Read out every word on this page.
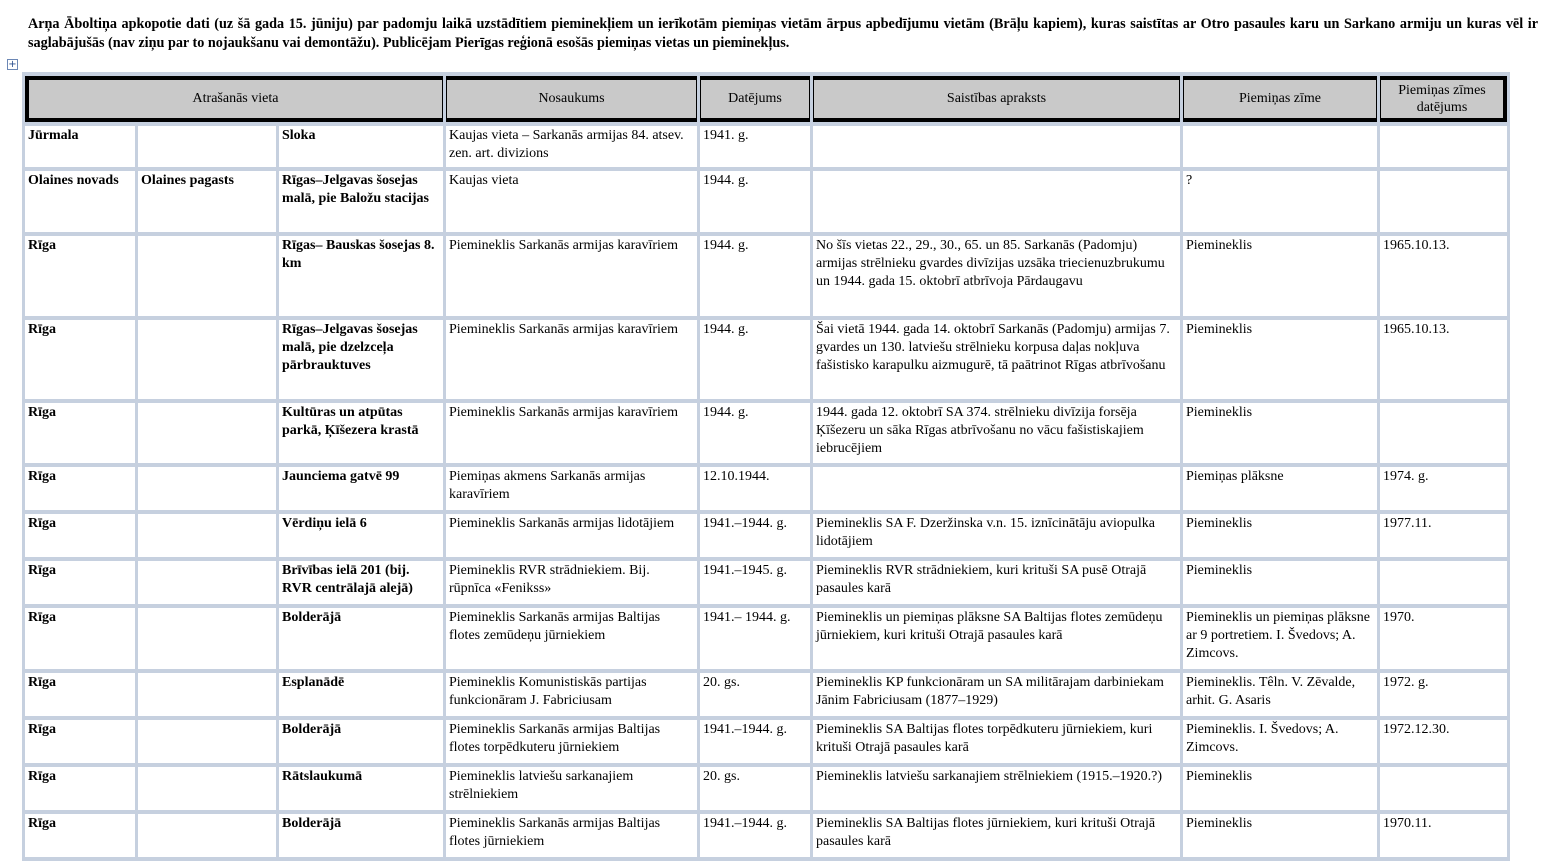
Arņa Āboltiņa apkopotie dati (uz šā gada 15. jūniju) par padomju laikā uzstādītiem pieminekļiem un ierīkotām piemiņas vietām ārpus apbedījumu vietām (Brāļu kapiem), kuras saistītas ar Otro pasaules karu un Sarkano armiju un kuras vēl ir saglabājušās (nav ziņu par to nojaukšanu vai demontāžu). Publicējam Pierīgas reģionā esošās piemiņas vietas un pieminekļus.

+
Atrašanās vieta			Nosaukums	Datējums	Saistības apraksts	Piemiņas zīme	Piemiņas zīmes datējums
Jūrmala		Sloka	Kaujas vieta – Sarkanās armijas 84. atsev. zen. art. divizions	1941. g.			
Olaines novads	Olaines pagasts	Rīgas–Jelgavas šosejas malā, pie Baložu stacijas	Kaujas vieta	1944. g.		?	
Rīga		Rīgas– Bauskas šosejas 8. km	Piemineklis Sarkanās armijas karavīriem	1944. g.	No šīs vietas 22., 29., 30., 65. un 85. Sarkanās (Padomju) armijas strēlnieku gvardes divīzijas uzsāka triecienuzbrukumu un 1944. gada 15. oktobrī atbrīvoja Pārdaugavu	Piemineklis	1965.10.13.
Rīga		Rīgas–Jelgavas šosejas malā, pie dzelzceļa pārbrauktuves	Piemineklis Sarkanās armijas karavīriem	1944. g.	Šai vietā 1944. gada 14. oktobrī Sarkanās (Padomju) armijas 7. gvardes un 130. latviešu strēlnieku korpusa daļas nokļuva fašistisko karapulku aizmugurē, tā paātrinot Rīgas atbrīvošanu	Piemineklis	1965.10.13.
Rīga		Kultūras un atpūtas parkā, Ķīšezera krastā	Piemineklis Sarkanās armijas karavīriem	1944. g.	1944. gada 12. oktobrī SA 374. strēlnieku divīzija forsēja Ķīšezeru un sāka Rīgas atbrīvošanu no vācu fašistiskajiem iebrucējiem	Piemineklis	
Rīga		Jaunciema gatvē 99	Piemiņas akmens Sarkanās armijas karavīriem	12.10.1944.		Piemiņas plāksne	1974. g.
Rīga		Vērdiņu ielā 6	Piemineklis Sarkanās armijas lidotājiem	1941.–1944. g.	Piemineklis SA F. Dzeržinska v.n. 15. iznīcinātāju aviopulka lidotājiem	Piemineklis	1977.11.
Rīga		Brīvības ielā 201 (bij. RVR centrālajā alejā)	Piemineklis RVR strādniekiem. Bij. rūpnīca «Fenikss»	1941.–1945. g.	Piemineklis RVR strādniekiem, kuri krituši SA pusē Otrajā pasaules karā	Piemineklis	
Rīga		Bolderājā	Piemineklis Sarkanās armijas Baltijas flotes zemūdeņu jūrniekiem	1941.– 1944. g.	Piemineklis un piemiņas plāksne SA Baltijas flotes zemūdeņu jūrniekiem, kuri krituši Otrajā pasaules karā	Piemineklis un piemiņas plāksne ar 9 portretiem. I. Švedovs; A. Zimcovs.	1970.
Rīga		Esplanādē	Piemineklis Komunistiskās partijas funkcionāram J. Fabriciusam	20. gs.	Piemineklis KP funkcionāram un SA militārajam darbiniekam Jānim Fabriciusam (1877–1929)	Piemineklis. Têln. V. Zēvalde, arhit. G. Asaris	1972. g.
Rīga		Bolderājā	Piemineklis Sarkanās armijas Baltijas flotes torpēdkuteru jūrniekiem	1941.–1944. g.	Piemineklis SA Baltijas flotes torpēdkuteru jūrniekiem, kuri krituši Otrajā pasaules karā	Piemineklis. I. Švedovs; A. Zimcovs.	1972.12.30.
Rīga		Rātslaukumā	Piemineklis latviešu sarkanajiem strēlniekiem	20. gs.	Piemineklis latviešu sarkanajiem strēlniekiem (1915.–1920.?)	Piemineklis	
Rīga		Bolderājā	Piemineklis Sarkanās armijas Baltijas flotes jūrniekiem	1941.–1944. g.	Piemineklis SA Baltijas flotes jūrniekiem, kuri krituši Otrajā pasaules karā	Piemineklis	1970.11.
